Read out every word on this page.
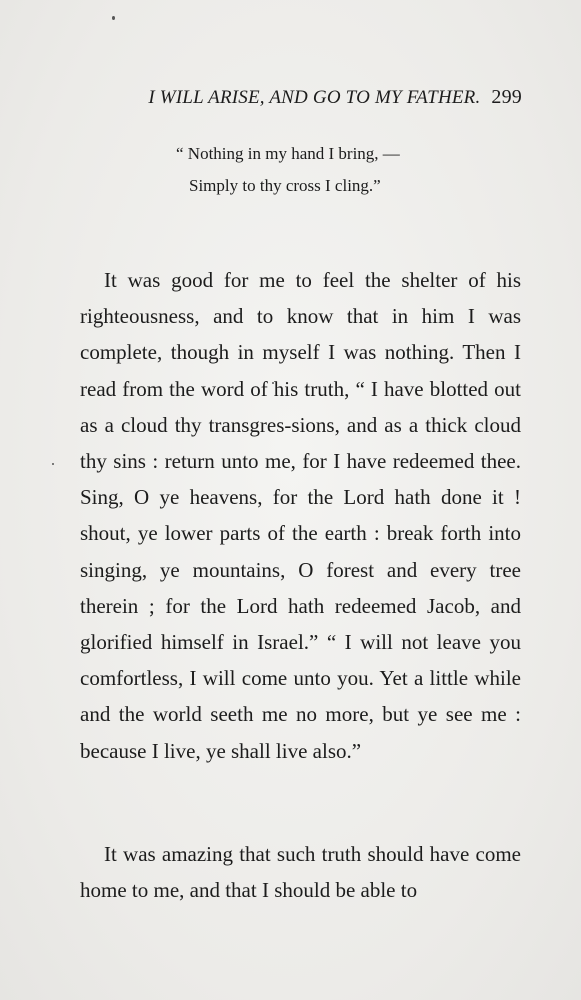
I WILL ARISE, AND GO TO MY FATHER. 299
“ Nothing in my hand I bring, —
Simply to thy cross I cling.”

It was good for me to feel the shelter of his righteousness, and to know that in him I was complete, though in myself I was nothing. Then I read from the word of his truth, “ I have blotted out as a cloud thy transgres-sions, and as a thick cloud thy sins : return unto me, for I have redeemed thee. Sing, O ye heavens, for the Lord hath done it ! shout, ye lower parts of the earth : break forth into singing, ye mountains, O forest and every tree therein ; for the Lord hath redeemed Jacob, and glorified himself in Israel.” “ I will not leave you comfortless, I will come unto you. Yet a little while and the world seeth me no more, but ye see me : because I live, ye shall live also.”

It was amazing that such truth should have come home to me, and that I should be able to
